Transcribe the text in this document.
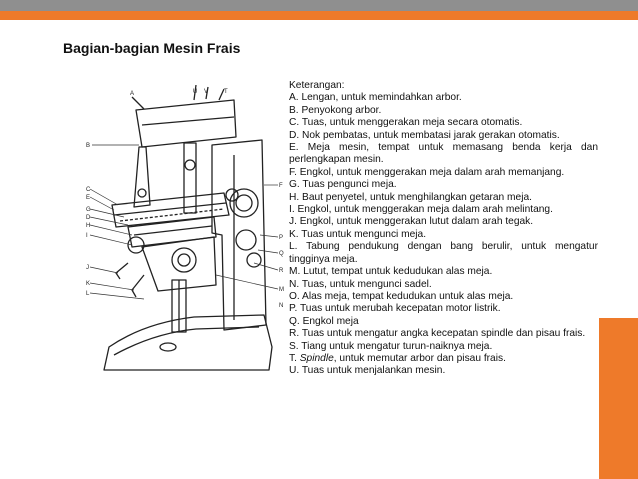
Bagian-bagian Mesin Frais
A	U V	T
B
C
E
G
D
H
I
J
K
L
F
P
Q
R
M
N

Keterangan:

A. Lengan, untuk memindahkan arbor.
B. Penyokong arbor.
C. Tuas, untuk menggerakan meja secara otomatis.
D. Nok pembatas, untuk membatasi jarak gerakan otomatis.
E. Meja mesin, tempat untuk memasang benda kerja dan perlengkapan mesin.
F. Engkol, untuk menggerakan meja dalam arah memanjang.
G. Tuas pengunci meja.
H. Baut penyetel, untuk menghilangkan getaran meja.
I. Engkol, untuk menggerakan meja dalam arah melintang.
J. Engkol, untuk menggerakan lutut dalam arah tegak.
K. Tuas untuk mengunci meja.
L. Tabung pendukung dengan bang berulir, untuk mengatur tingginya meja.
M. Lutut, tempat untuk kedudukan alas meja.
N. Tuas, untuk mengunci sadel.
O. Alas meja, tempat kedudukan untuk alas meja.
P. Tuas untuk merubah kecepatan motor listrik.
Q. Engkol meja
R. Tuas untuk mengatur angka kecepatan spindle dan pisau frais.
S. Tiang untuk mengatur turun-naiknya meja.
T. Spindle, untuk memutar arbor dan pisau frais.
U. Tuas untuk menjalankan mesin.
